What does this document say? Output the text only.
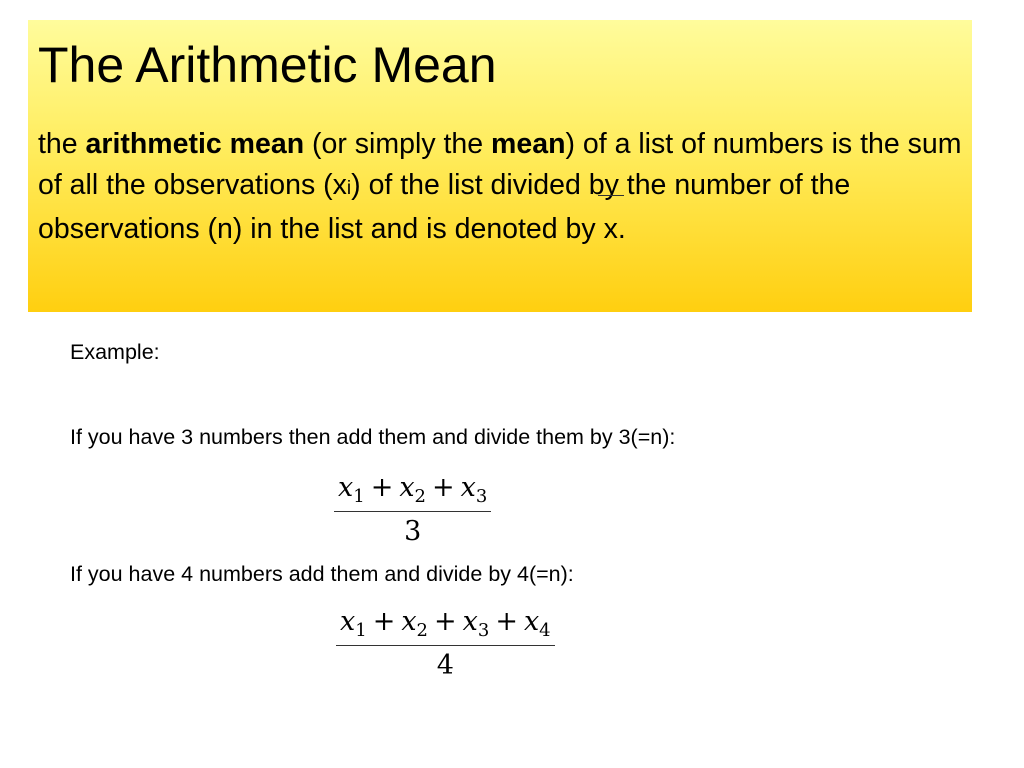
The Arithmetic Mean

the arithmetic mean (or simply the mean) of a list of numbers is the sum of all the observations (xi) of the list divided by the number of the observations (n) in the list and is denoted by x.

Example:

If you have 3 numbers then add them and divide them by 3(=n):

$x_1 + x_2 + x_3$
3

If you have 4 numbers add them and divide by 4(=n):

$x_1 + x_2 + x_3 + x_4$
4
